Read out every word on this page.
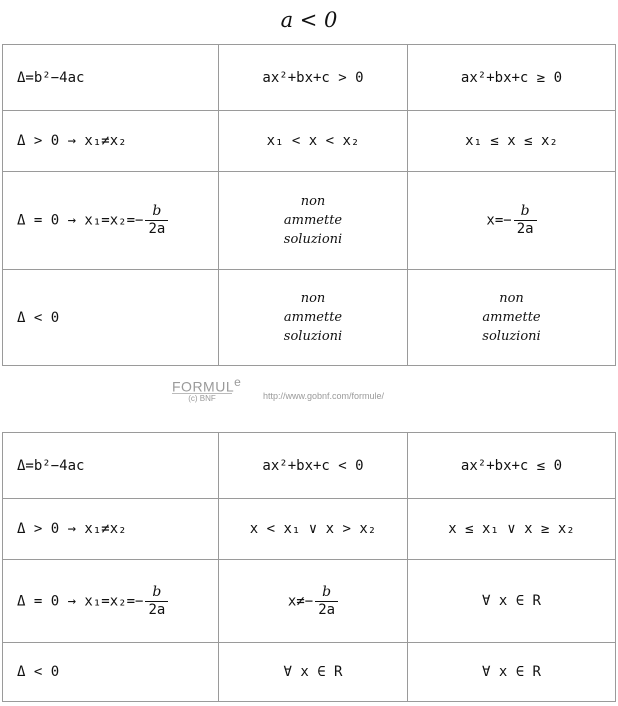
a < 0
Δ=b²−4ac	ax²+bx+c > 0	ax²+bx+c ≥ 0
Δ > 0 → x₁≠x₂	x₁ < x < x₂	x₁ ≤ x ≤ x₂
$\Delta = 0 \to x_1=x_2=- \frac{b}{2a}$	non
ammette
soluzioni	$x=- \frac{b}{2a}$

Δ < 0	non
ammette
soluzioni	non
ammette
soluzioni
FORMULe
(c) BNF	http://www.gobnf.com/formule/
Δ=b²−4ac	ax²+bx+c < 0	ax²+bx+c ≤ 0
Δ > 0 → x₁≠x₂	x < x₁ ∨ x > x₂	x ≤ x₁ ∨ x ≥ x₂
$\Delta = 0 \to x_1=x_2=- \frac{b}{2a}$	$x\ne- \frac{b}{2a}$	∀ x ∈ R
Δ < 0	∀ x ∈ R	∀ x ∈ R
